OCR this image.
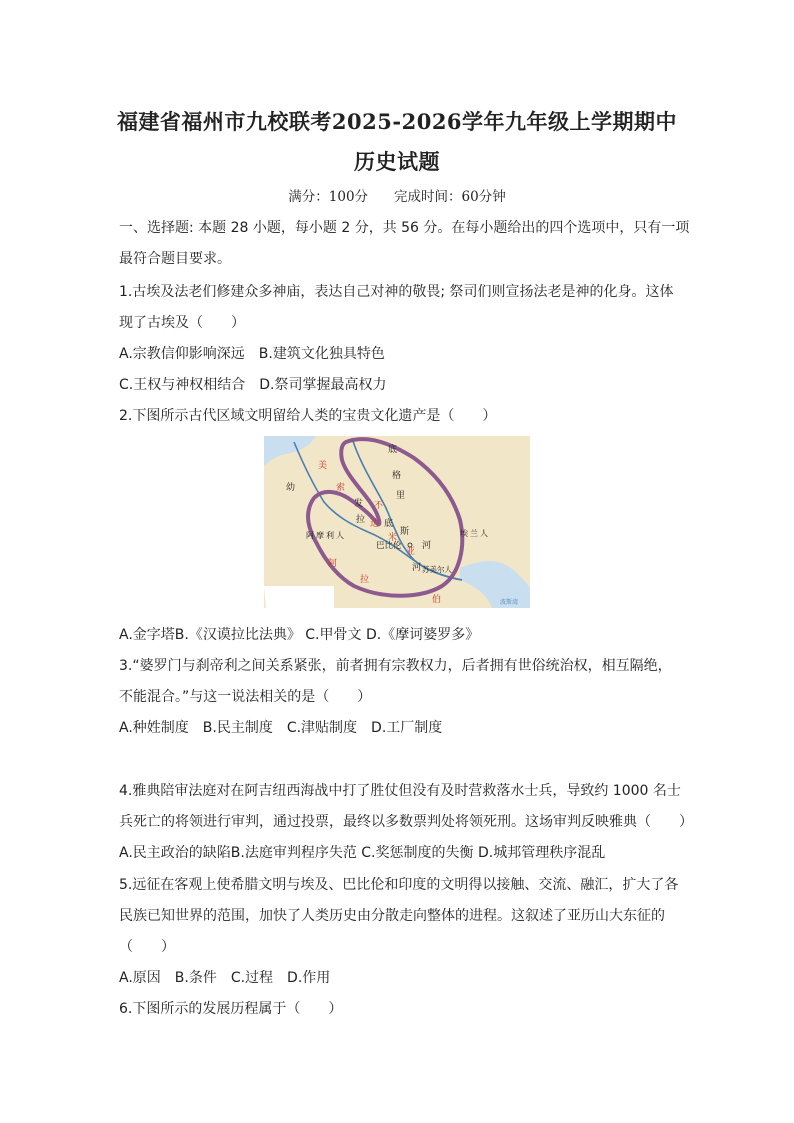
福建省福州市九校联考2025-2026学年九年级上学期期中
历史试题
满分：100分 完成时间：60分钟
一、选择题: 本题 28 小题，每小题 2 分，共 56 分。在每小题给出的四个选项中，只有一项
最符合题目要求。
1.古埃及法老们修建众多神庙，表达自己对神的敬畏; 祭司们则宣扬法老是神的化身。这体
现了古埃及（　　）
A.宗教信仰影响深远　B.建筑文化独具特色
C.王权与神权相结合　D.祭司掌握最高权力
2.下图所示古代区域文明留给人类的宝贵文化遗产是（　　）
美
索
不
达
米
底
格
里
斯
幼
发
拉 底
河
亚
河
阿 摩 利 人
巴比伦
苏美尔人
埃 兰 人
阿
拉
伯	波斯湾
A.金字塔B.《汉谟拉比法典》 C.甲骨文 D.《摩诃婆罗多》
3.“婆罗门与刹帝利之间关系紧张，前者拥有宗教权力，后者拥有世俗统治权，相互隔绝，
不能混合。”与这一说法相关的是（　　）
A.种姓制度　B.民主制度　C.津贴制度　D.工厂制度
4.雅典陪审法庭对在阿吉纽西海战中打了胜仗但没有及时营救落水士兵，导致约 1000 名士
兵死亡的将领进行审判，通过投票，最终以多数票判处将领死刑。这场审判反映雅典（　　）
A.民主政治的缺陷B.法庭审判程序失范 C.奖惩制度的失衡 D.城邦管理秩序混乱
5.远征在客观上使希腊文明与埃及、巴比伦和印度的文明得以接触、交流、融汇，扩大了各
民族已知世界的范围，加快了人类历史由分散走向整体的进程。这叙述了亚历山大东征的
（　　）
A.原因　B.条件　C.过程　D.作用
6.下图所示的发展历程属于（　　）
